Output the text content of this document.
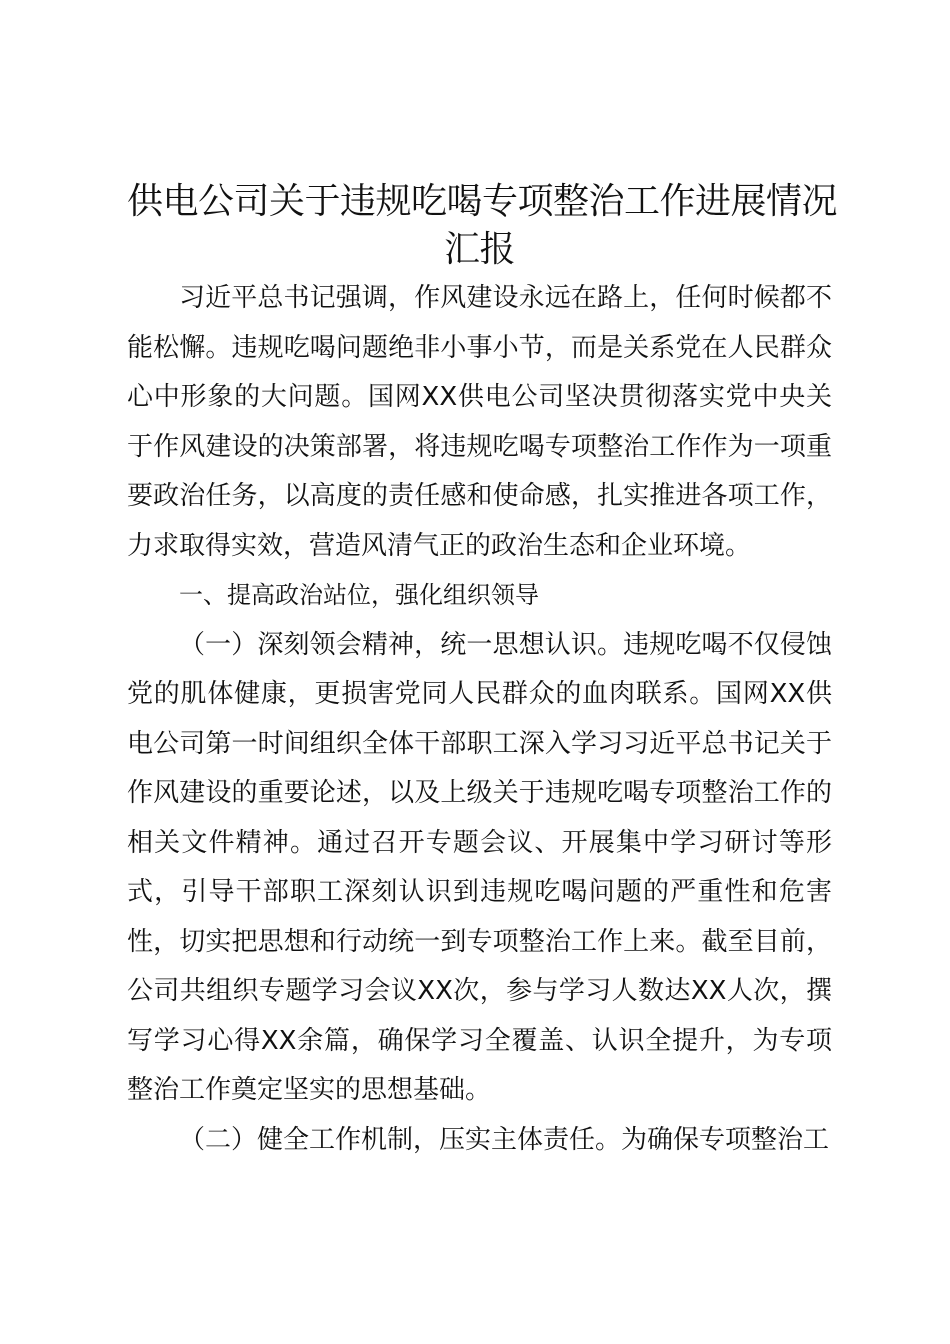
供电公司关于违规吃喝专项整治工作进展情况
汇报

习近平总书记强调，作风建设永远在路上，任何时候都不能松懈。违规吃喝问题绝非小事小节，而是关系党在人民群众心中形象的大问题。国网XX供电公司坚决贯彻落实党中央关于作风建设的决策部署，将违规吃喝专项整治工作作为一项重要政治任务，以高度的责任感和使命感，扎实推进各项工作，力求取得实效，营造风清气正的政治生态和企业环境。

一、提高政治站位，强化组织领导

（一）深刻领会精神，统一思想认识。违规吃喝不仅侵蚀党的肌体健康，更损害党同人民群众的血肉联系。国网XX供电公司第一时间组织全体干部职工深入学习习近平总书记关于作风建设的重要论述，以及上级关于违规吃喝专项整治工作的相关文件精神。通过召开专题会议、开展集中学习研讨等形式，引导干部职工深刻认识到违规吃喝问题的严重性和危害性，切实把思想和行动统一到专项整治工作上来。截至目前，公司共组织专题学习会议XX次，参与学习人数达XX人次，撰写学习心得XX余篇，确保学习全覆盖、认识全提升，为专项整治工作奠定坚实的思想基础。

（二）健全工作机制，压实主体责任。为确保专项整治工
